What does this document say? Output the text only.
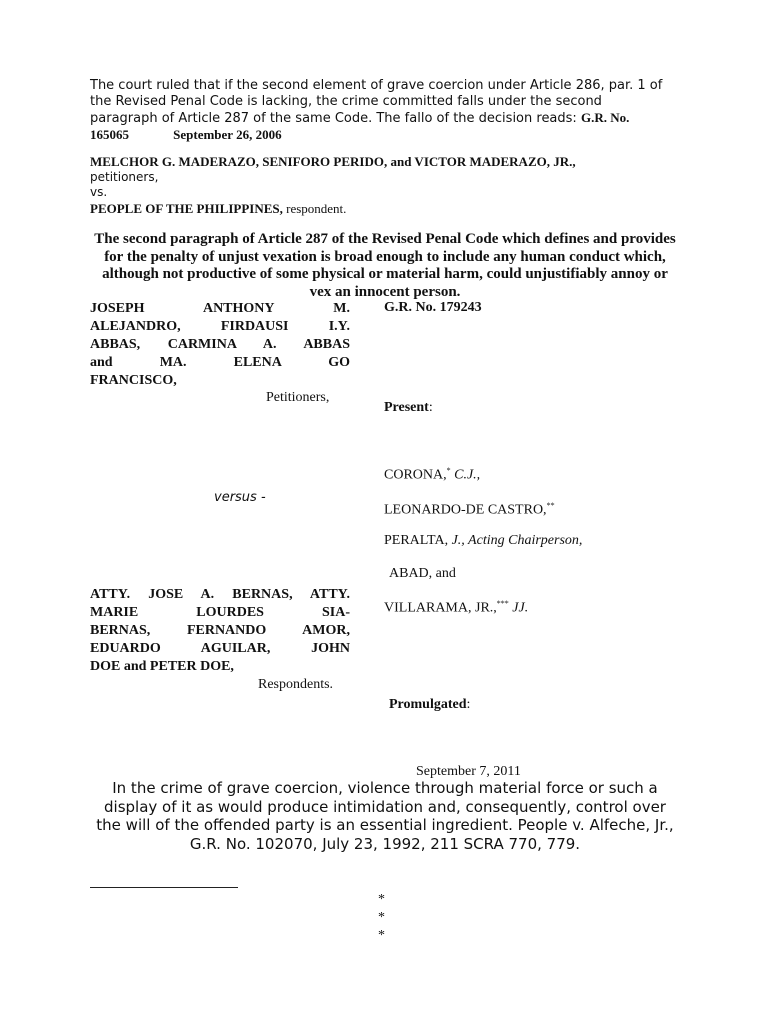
The court ruled that if the second element of grave coercion under Article 286, par. 1 of the Revised Penal Code is lacking, the crime committed falls under the second paragraph of Article 287 of the same Code. The fallo of the decision reads: G.R. No. 165065	September 26, 2006
MELCHOR G. MADERAZO, SENIFORO PERIDO, and VICTOR MADERAZO, JR.,
petitioners,
vs.
PEOPLE OF THE PHILIPPINES, respondent.
The second paragraph of Article 287 of the Revised Penal Code which defines and provides for the penalty of unjust vexation is broad enough to include any human conduct which, although not productive of some physical or material harm, could unjustifiably annoy or vex an innocent person.
JOSEPH ANTHONY M.
ALEJANDRO, FIRDAUSI I.Y.
ABBAS, CARMINA A. ABBAS
and MA. ELENA GO
FRANCISCO,
Petitioners,
versus -
ATTY. JOSE A. BERNAS, ATTY.
MARIE LOURDES SIA-
BERNAS, FERNANDO AMOR,
EDUARDO AGUILAR, JOHN
DOE and PETER DOE,
Respondents.
G.R. No. 179243
Present:
CORONA,* C.J.,
LEONARDO-DE CASTRO,**
PERALTA, J., Acting Chairperson,
ABAD, and
VILLARAMA, JR.,*** JJ.
Promulgated:
September 7, 2011
In the crime of grave coercion, violence through material force or such a display of it as would produce intimidation and, consequently, control over the will of the offended party is an essential ingredient. People v. Alfeche, Jr., G.R. No. 102070, July 23, 1992, 211 SCRA 770, 779.
*
*
*
